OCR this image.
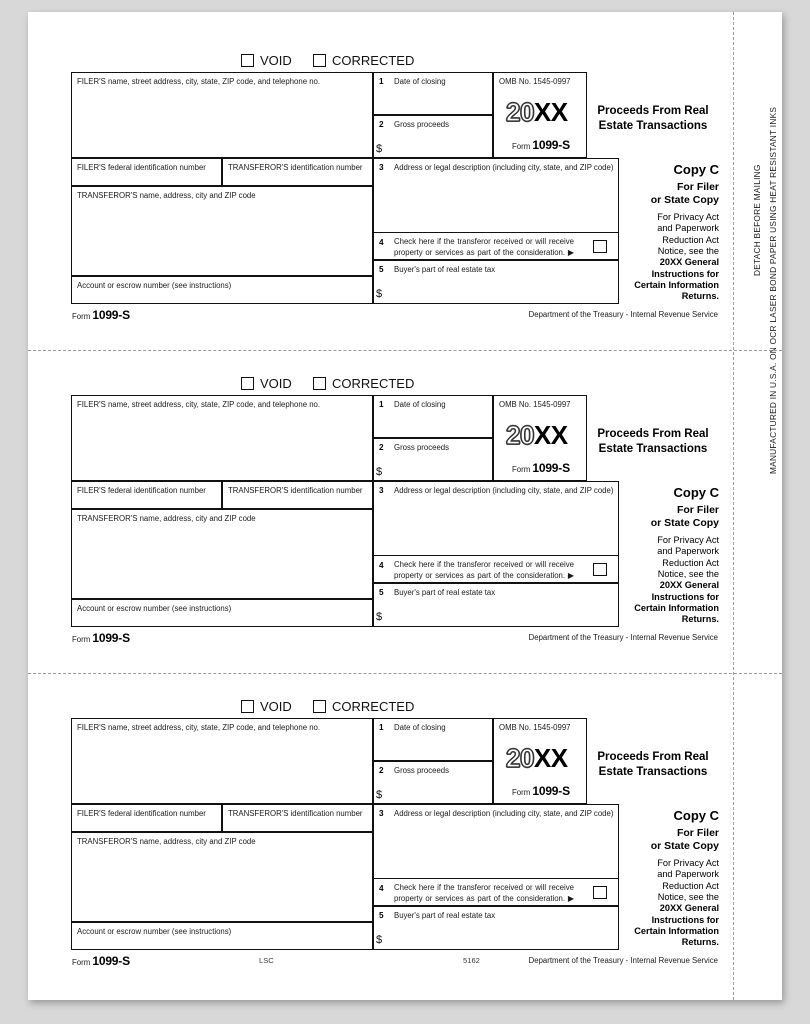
DETACH BEFORE MAILING MANUFACTURED IN U.S.A. ON OCR LASER BOND PAPER USING HEAT RESISTANT INKS
VOID	CORRECTED
FILER'S name, street address, city, state, ZIP code, and telephone no.
FILER'S federal identification number	TRANSFEROR'S identification number
TRANSFEROR'S name, address, city and ZIP code
Account or escrow number (see instructions)
1 Date of closing
2 Gross proceeds
$
OMB No. 1545-0997
20XX
Form 1099-S
Proceeds From Real
Estate Transactions
3 Address or legal description (including city, state, and ZIP code)
4 Check here if the transferor received or will receive
property or services as part of the consideration. ▶
5 Buyer's part of real estate tax
$
Copy C
For Filer
or State Copy
For Privacy Act
and Paperwork
Reduction Act
Notice, see the
20XX General
Instructions for
Certain Information
Returns.
Form 1099-S	Department of the Treasury - Internal Revenue Service
VOID	CORRECTED
FILER'S name, street address, city, state, ZIP code, and telephone no.
FILER'S federal identification number	TRANSFEROR'S identification number
TRANSFEROR'S name, address, city and ZIP code
Account or escrow number (see instructions)
1 Date of closing
2 Gross proceeds
$
OMB No. 1545-0997
20XX
Form 1099-S
Proceeds From Real
Estate Transactions
3 Address or legal description (including city, state, and ZIP code)
4 Check here if the transferor received or will receive
property or services as part of the consideration. ▶
5 Buyer's part of real estate tax
$
Copy C
For Filer
or State Copy
For Privacy Act
and Paperwork
Reduction Act
Notice, see the
20XX General
Instructions for
Certain Information
Returns.
Form 1099-S	Department of the Treasury - Internal Revenue Service
VOID	CORRECTED
FILER'S name, street address, city, state, ZIP code, and telephone no.
FILER'S federal identification number	TRANSFEROR'S identification number
TRANSFEROR'S name, address, city and ZIP code
Account or escrow number (see instructions)
1 Date of closing
2 Gross proceeds
$
OMB No. 1545-0997
20XX
Form 1099-S
Proceeds From Real
Estate Transactions
3 Address or legal description (including city, state, and ZIP code)
4 Check here if the transferor received or will receive
property or services as part of the consideration. ▶
5 Buyer's part of real estate tax
$
Copy C
For Filer
or State Copy
For Privacy Act
and Paperwork
Reduction Act
Notice, see the
20XX General
Instructions for
Certain Information
Returns.
Form 1099-S	LSC	5162	Department of the Treasury - Internal Revenue Service
